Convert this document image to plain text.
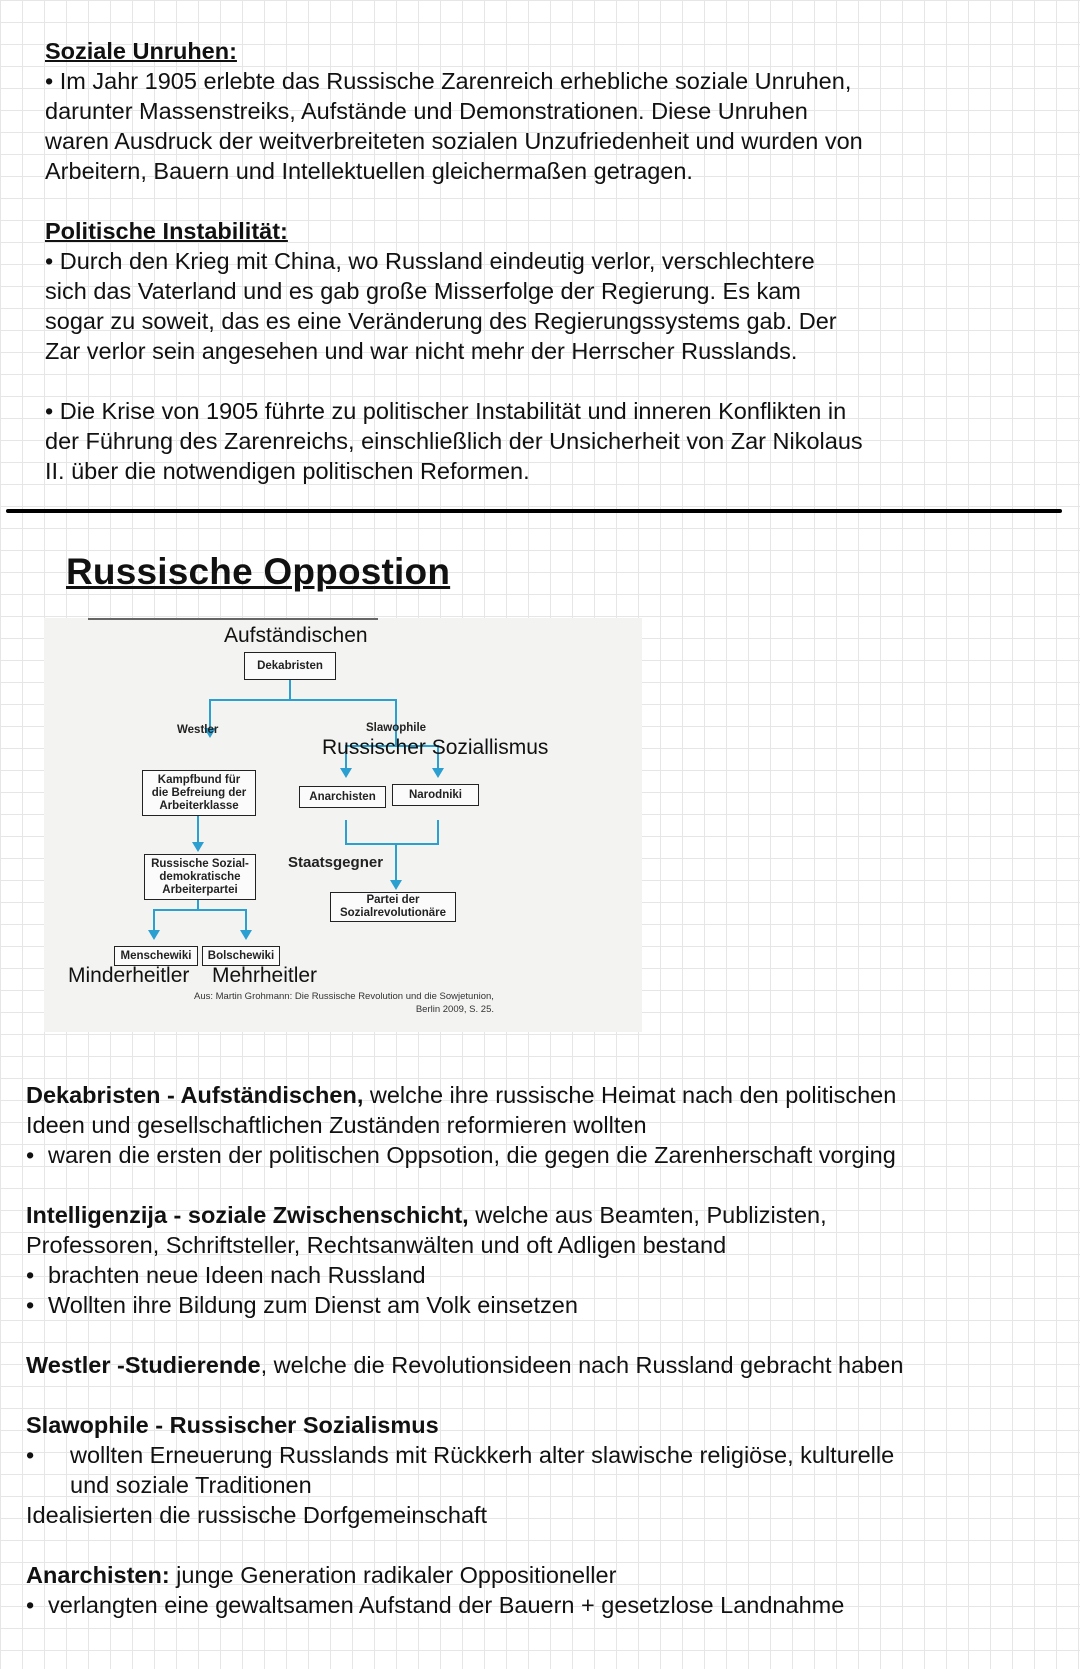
Soziale Unruhen:

• Im Jahr 1905 erlebte das Russische Zarenreich erhebliche soziale Unruhen,

darunter Massenstreiks, Aufstände und Demonstrationen. Diese Unruhen

waren Ausdruck der weitverbreiteten sozialen Unzufriedenheit und wurden von

Arbeitern, Bauern und Intellektuellen gleichermaßen getragen.

Politische Instabilität:

• Durch den Krieg mit China, wo Russland eindeutig verlor, verschlechtere

sich das Vaterland und es gab große Misserfolge der Regierung. Es kam

sogar zu soweit, das es eine Veränderung des Regierungssystems gab. Der

Zar verlor sein angesehen und war nicht mehr der Herrscher Russlands.

• Die Krise von 1905 führte zu politischer Instabilität und inneren Konflikten in

der Führung des Zarenreichs, einschließlich der Unsicherheit von Zar Nikolaus

II. über die notwendigen politischen Reformen.

Russische Oppostion
Aufständischen
Dekabristen
Westler	Slawophile
Russischer Soziallismus
Kampfbund für
die Befreiung der
Arbeiterklasse
Anarchisten	Narodniki
Russische Sozial-
demokratische
Arbeiterpartei
Staatsgegner
Partei der
Sozialrevolutionäre
Menschewiki	Bolschewiki
Minderheitler Mehrheitler
Aus: Martin Grohmann: Die Russische Revolution und die Sowjetunion,
Berlin 2009, S. 25.

Dekabristen - Aufständischen, welche ihre russische Heimat nach den politischen

Ideen und gesellschaftlichen Zuständen reformieren wollten

• waren die ersten der politischen Oppsotion, die gegen die Zarenherschaft vorging

Intelligenzija - soziale Zwischenschicht, welche aus Beamten, Publizisten,

Professoren, Schriftsteller, Rechtsanwälten und oft Adligen bestand

• brachten neue Ideen nach Russland
• Wollten ihre Bildung zum Dienst am Volk einsetzen

Westler -Studierende, welche die Revolutionsideen nach Russland gebracht haben

Slawophile - Russischer Sozialismus

•	wollten Erneuerung Russlands mit Rückkerh alter slawische religiöse, kulturelle

und soziale Traditionen

Idealisierten die russische Dorfgemeinschaft

Anarchisten: junge Generation radikaler Oppositioneller

• verlangten eine gewaltsamen Aufstand der Bauern + gesetzlose Landnahme
